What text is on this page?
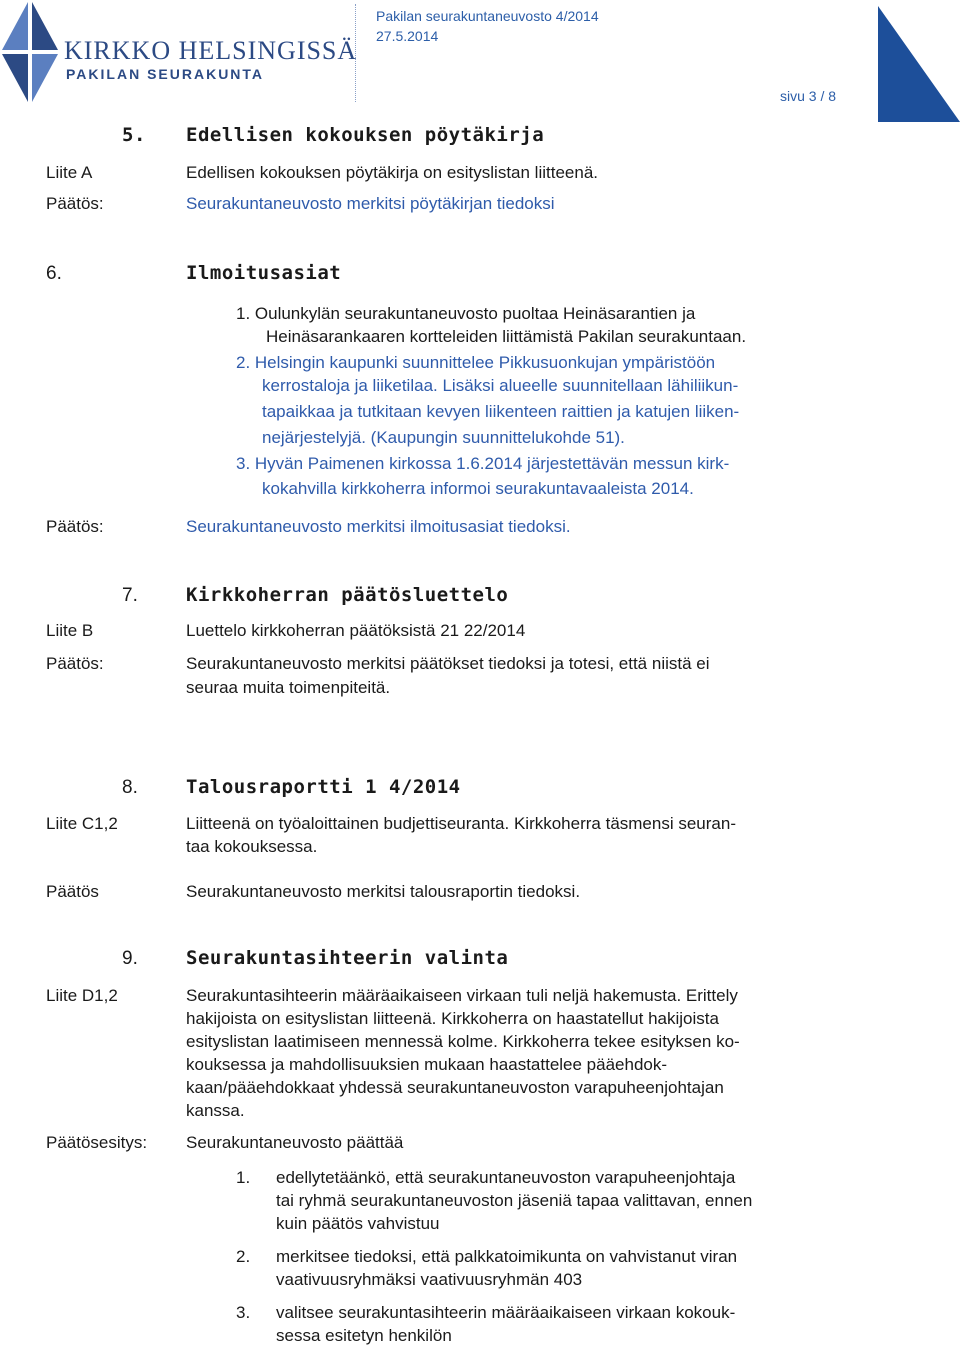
KIRKKO HELSINGISSÄ
PAKILAN SEURAKUNTA
Pakilan seurakuntaneuvosto 4/2014
27.5.2014
sivu 3 / 8
5. Edellisen kokouksen pöytäkirja
Liite A	Edellisen kokouksen pöytäkirja on esityslistan liitteenä.
Päätös:	Seurakuntaneuvosto merkitsi pöytäkirjan tiedoksi
6.	Ilmoitusasiat
1. Oulunkylän seurakuntaneuvosto puoltaa Heinäsarantien ja
Heinäsarankaaren kortteleiden liittämistä Pakilan seurakuntaan.
2. Helsingin kaupunki suunnittelee Pikkusuonkujan ympäristöön
kerrostaloja ja liiketilaa. Lisäksi alueelle suunnitellaan lähiliikun-
tapaikkaa ja tutkitaan kevyen liikenteen raittien ja katujen liiken-
nejärjestelyjä. (Kaupungin suunnittelukohde 51).
3. Hyvän Paimenen kirkossa 1.6.2014 järjestettävän messun kirk-
kokahvilla kirkkoherra informoi seurakuntavaaleista 2014.
Päätös:	Seurakuntaneuvosto merkitsi ilmoitusasiat tiedoksi.
7.	Kirkkoherran päätösluettelo
Liite B	Luettelo kirkkoherran päätöksistä 21 22/2014
Päätös:	Seurakuntaneuvosto merkitsi päätökset tiedoksi ja totesi, että niistä ei
seuraa muita toimenpiteitä.
8.	Talousraportti 1 4/2014
Liite C1,2	Liitteenä on työaloittainen budjettiseuranta. Kirkkoherra täsmensi seuran-
taa kokouksessa.
Päätös	Seurakuntaneuvosto merkitsi talousraportin tiedoksi.
9.	Seurakuntasihteerin valinta
Liite D1,2	Seurakuntasihteerin määräaikaiseen virkaan tuli neljä hakemusta. Erittely
hakijoista on esityslistan liitteenä. Kirkkoherra on haastatellut hakijoista
esityslistan laatimiseen mennessä kolme. Kirkkoherra tekee esityksen ko-
kouksessa ja mahdollisuuksien mukaan haastattelee pääehdok-
kaan/pääehdokkaat yhdessä seurakuntaneuvoston varapuheenjohtajan
kanssa.
Päätösesitys: Seurakuntaneuvosto päättää
1. edellytetäänkö, että seurakuntaneuvoston varapuheenjohtaja
tai ryhmä seurakuntaneuvoston jäseniä tapaa valittavan, ennen
kuin päätös vahvistuu
2. merkitsee tiedoksi, että palkkatoimikunta on vahvistanut viran
vaativuusryhmäksi vaativuusryhmän 403
3. valitsee seurakuntasihteerin määräaikaiseen virkaan kokouk-
sessa esitetyn henkilön
